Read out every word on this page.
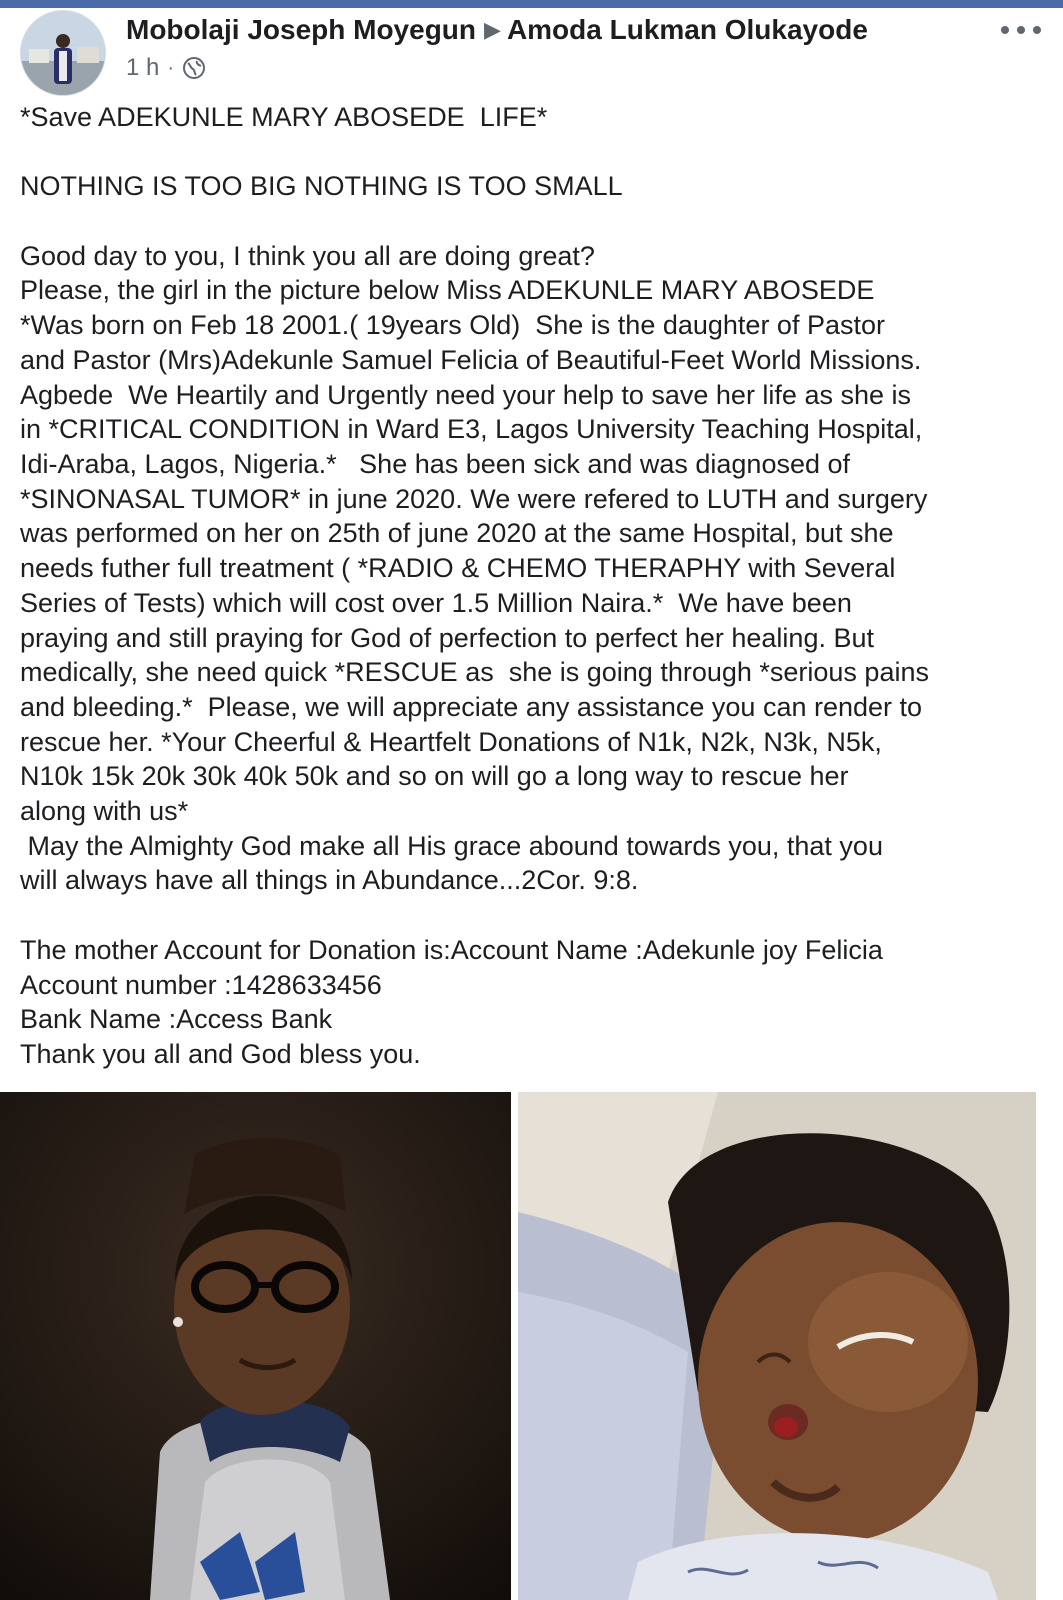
Mobolaji Joseph Moyegun ▶ Amoda Lukman Olukayode
1 h ·

*Save ADEKUNLE MARY ABOSEDE  LIFE*

NOTHING IS TOO BIG NOTHING IS TOO SMALL

Good day to you, I think you all are doing great?

Please, the girl in the picture below Miss ADEKUNLE MARY ABOSEDE

*Was born on Feb 18 2001.( 19years Old)  She is the daughter of Pastor

and Pastor (Mrs)Adekunle Samuel Felicia of Beautiful-Feet World Missions.

Agbede  We Heartily and Urgently need your help to save her life as she is

in *CRITICAL CONDITION in Ward E3, Lagos University Teaching Hospital,

Idi-Araba, Lagos, Nigeria.*   She has been sick and was diagnosed of

*SINONASAL TUMOR* in june 2020. We were refered to LUTH and surgery

was performed on her on 25th of june 2020 at the same Hospital, but she

needs futher full treatment ( *RADIO & CHEMO THERAPHY with Several

Series of Tests) which will cost over 1.5 Million Naira.*  We have been

praying and still praying for God of perfection to perfect her healing. But

medically, she need quick *RESCUE as  she is going through *serious pains

and bleeding.*  Please, we will appreciate any assistance you can render to

rescue her. *Your Cheerful & Heartfelt Donations of N1k, N2k, N3k, N5k,

N10k 15k 20k 30k 40k 50k and so on will go a long way to rescue her

along with us*

May the Almighty God make all His grace abound towards you, that you

will always have all things in Abundance...2Cor. 9:8.

The mother Account for Donation is:Account Name :Adekunle joy Felicia

Account number :1428633456

Bank Name :Access Bank

Thank you all and God bless you.
